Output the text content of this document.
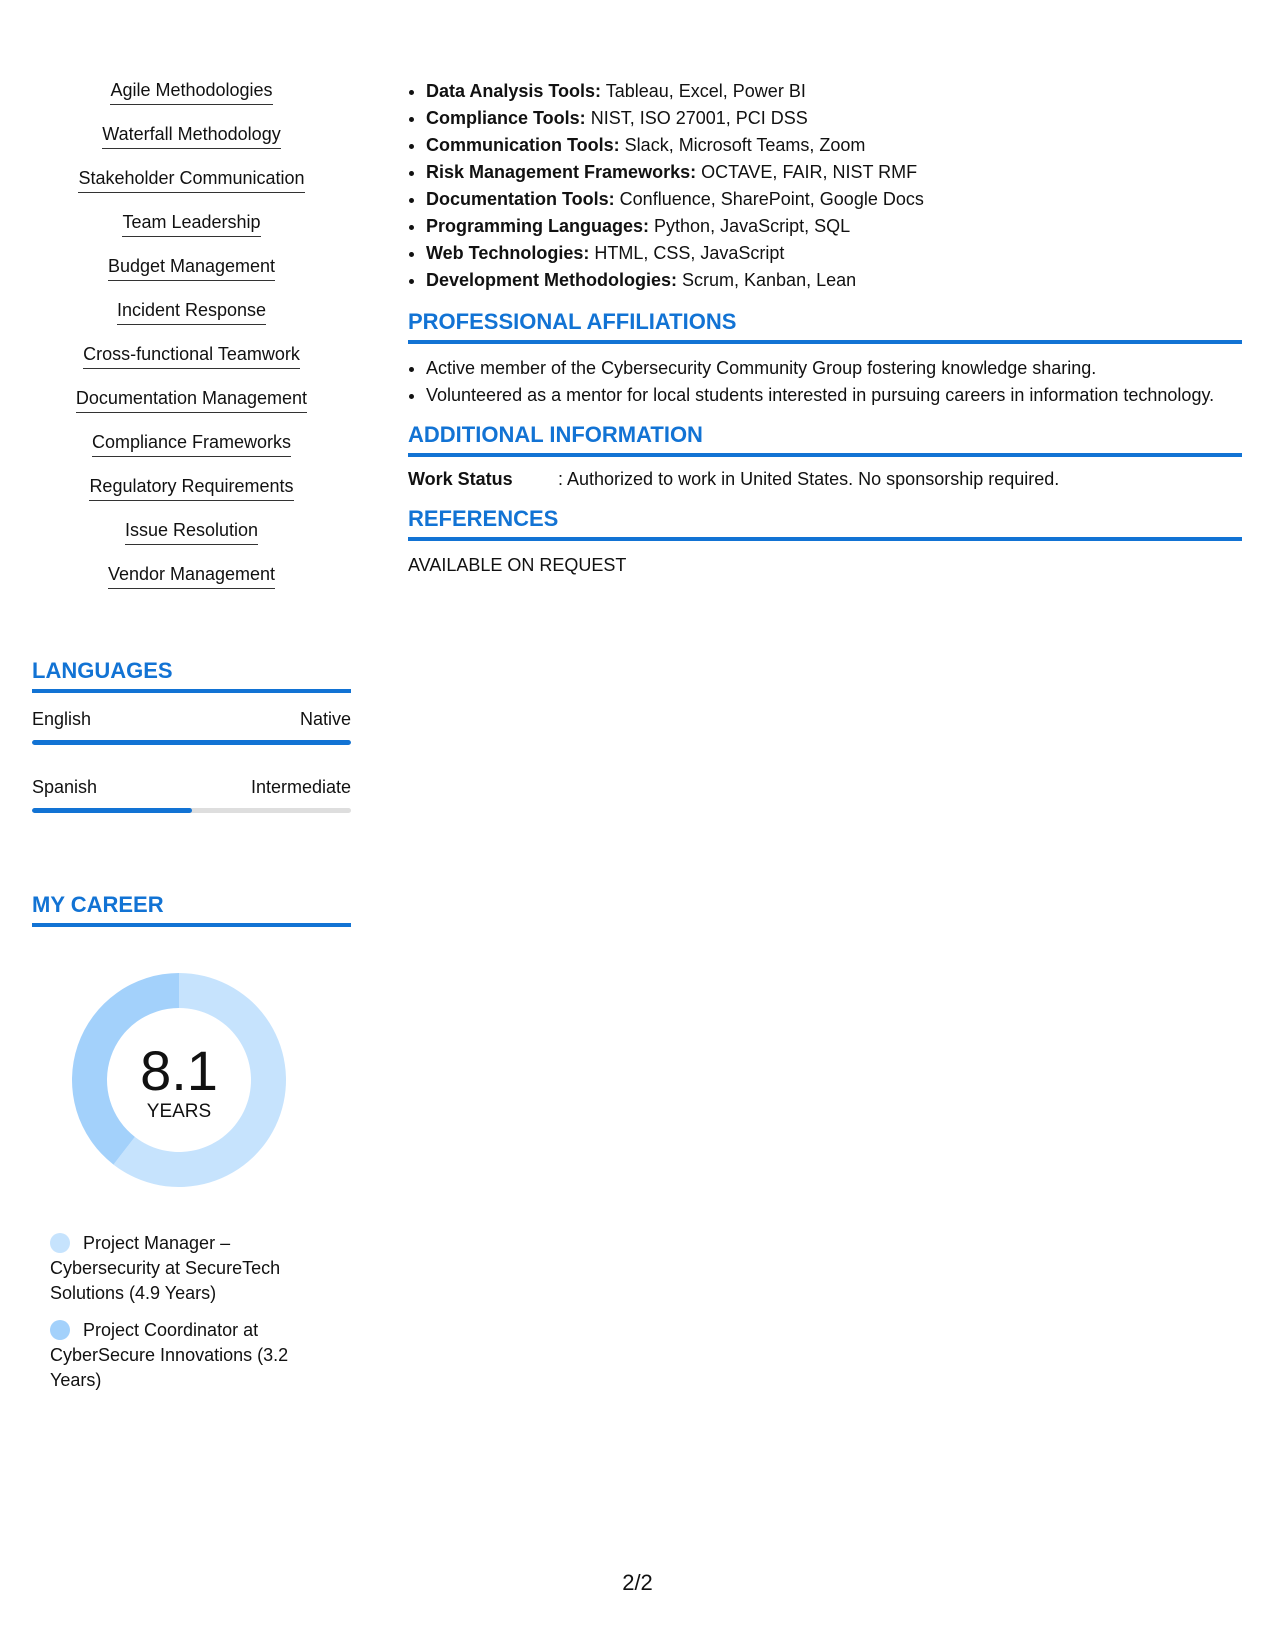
Agile Methodologies
Waterfall Methodology
Stakeholder Communication
Team Leadership
Budget Management
Incident Response
Cross-functional Teamwork
Documentation Management
Compliance Frameworks
Regulatory Requirements
Issue Resolution
Vendor Management
LANGUAGES
English	Native
Spanish	Intermediate
MY CAREER
8.1
YEARS
Project Manager – Cybersecurity at SecureTech Solutions (4.9 Years)
Project Coordinator at CyberSecure Innovations (3.2 Years)
• Data Analysis Tools: Tableau, Excel, Power BI
• Compliance Tools: NIST, ISO 27001, PCI DSS
• Communication Tools: Slack, Microsoft Teams, Zoom
• Risk Management Frameworks: OCTAVE, FAIR, NIST RMF
• Documentation Tools: Confluence, SharePoint, Google Docs
• Programming Languages: Python, JavaScript, SQL
• Web Technologies: HTML, CSS, JavaScript
• Development Methodologies: Scrum, Kanban, Lean
PROFESSIONAL AFFILIATIONS
• Active member of the Cybersecurity Community Group fostering knowledge sharing.
• Volunteered as a mentor for local students interested in pursuing careers in information technology.
ADDITIONAL INFORMATION
Work Status	: Authorized to work in United States. No sponsorship required.
REFERENCES
AVAILABLE ON REQUEST
2/2
